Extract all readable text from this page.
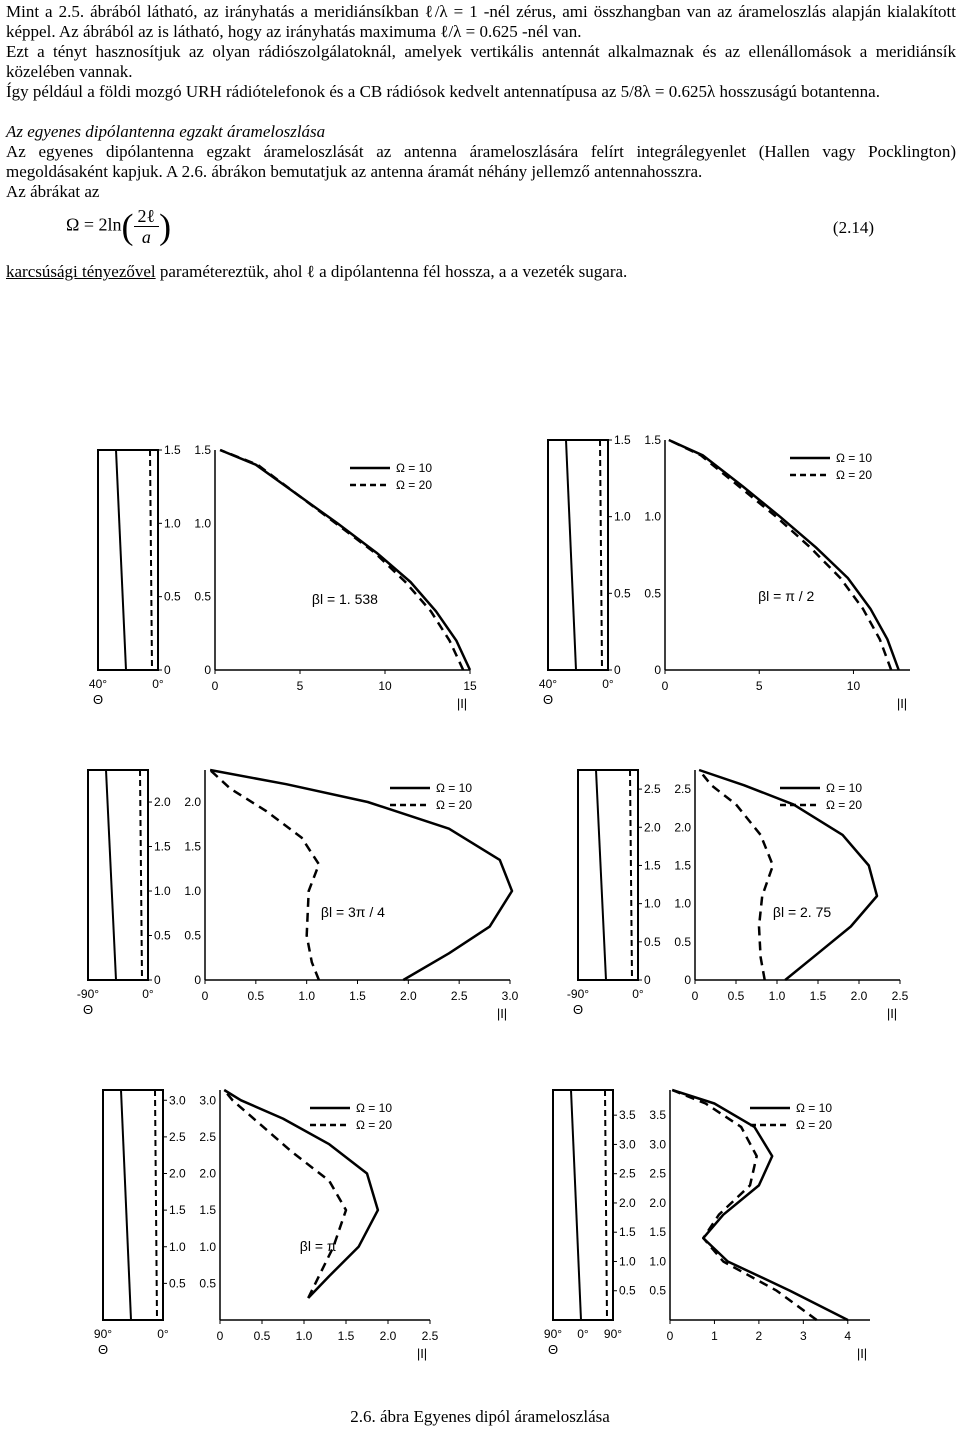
Mint a 2.5. ábrából látható, az irányhatás a meridiánsíkban ℓ/λ = 1 -nél zérus, ami összhangban van az árameloszlás alapján kialakított képpel. Az ábrából az is látható, hogy az irányhatás maximuma ℓ/λ = 0.625 -nél van.

Ezt a tényt hasznosítjuk az olyan rádiószolgálatoknál, amelyek vertikális antennát alkalmaznak és az ellenállomások a meridiánsík közelében vannak.

Így például a földi mozgó URH rádiótelefonok és a CB rádiósok kedvelt antennatípusa az 5/8λ = 0.625λ hosszuságú botantenna.

Az egyenes dipólantenna egzakt árameloszlása

Az egyenes dipólantenna egzakt árameloszlását az antenna árameloszlására felírt integrálegyenlet (Hallen vagy Pocklington) megoldásaként kapjuk. A 2.6. ábrákon bemutatjuk az antenna áramát néhány jellemző antennahosszra.

Az ábrákat az

$\Omega = 2\ln( \frac{\text{2ℓ}}{a}$ )	(2.14)

karcsúsági tényezővel paramétereztük, ahol ℓ a dipólantenna fél hossza, a a vezeték sugara.

40°	0°
Θ
0	0
0.5 0.5
1.0 1.0
1.5 1.5
0	5	10	15
|I|
Ω = 10
Ω = 20
βl = 1. 538
40°	0°
Θ
0	0
0.5 0.5
1.0 1.0
1.5 1.5
0	5	10
|I|
Ω = 10
Ω = 20
βl = π / 2
-90°	0°
Θ
0	0
0.5 0.5
1.0 1.0
1.5 1.5
2.0 2.0
0	0.5	1.0	1.5	2.0	2.5	3.0
|I|
Ω = 10
Ω = 20
βl = 3π / 4
-90°	0°
Θ
0	0
0.5 0.5
1.0 1.0
1.5 1.5
2.0 2.0
2.5 2.5
0 0.5 1.0 1.5 2.0 2.5
|I|
Ω = 10
Ω = 20
βl = 2. 75
90°	0°
Θ
0.5 0.5
1.0 1.0
1.5 1.5
2.0 2.0
2.5 2.5
3.0 3.0
0	0.5 1.0 1.5 2.0 2.5
|I|
Ω = 10
Ω = 20
βl = π
90° 0° 90°
Θ
0.5 0.5
1.0 1.0
1.5 1.5
2.0 2.0
2.5 2.5
3.0 3.0
3.5 3.5
0	1	2	3	4
|I|
Ω = 10
Ω = 20
2.6. ábra Egyenes dipól árameloszlása
